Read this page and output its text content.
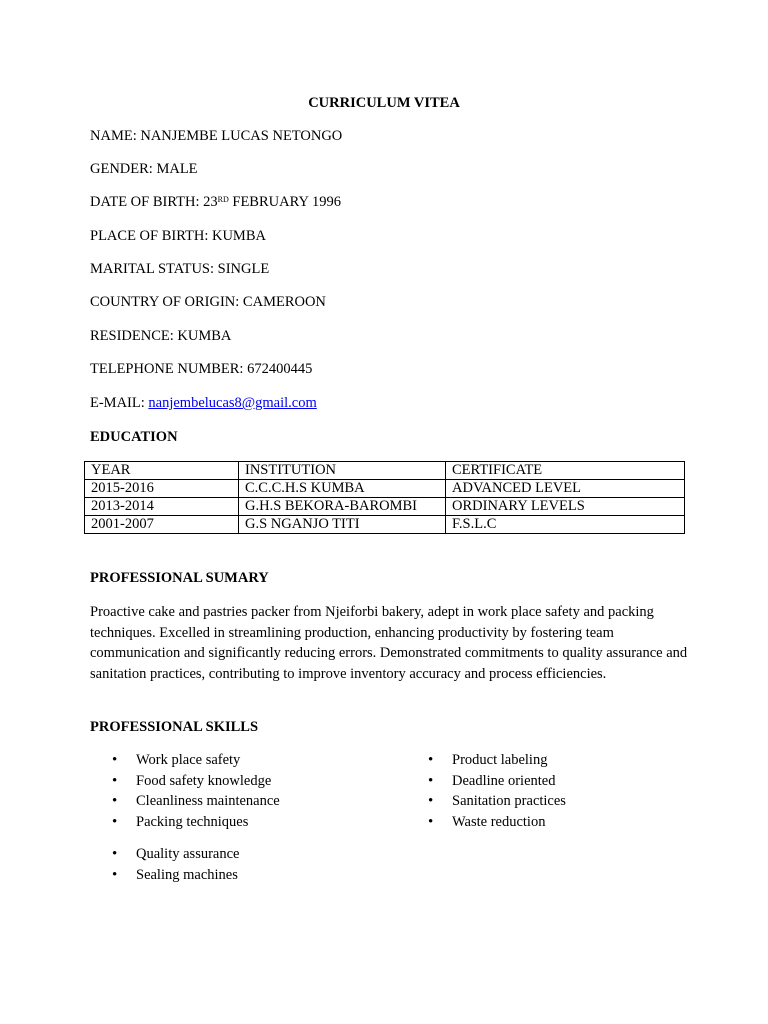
CURRICULUM VITEA
NAME: NANJEMBE LUCAS NETONGO
GENDER: MALE
DATE OF BIRTH: 23RD FEBRUARY 1996
PLACE OF BIRTH: KUMBA
MARITAL STATUS: SINGLE
COUNTRY OF ORIGIN: CAMEROON
RESIDENCE: KUMBA
TELEPHONE NUMBER: 672400445
E-MAIL: nanjembelucas8@gmail.com
EDUCATION
YEAR	INSTITUTION	CERTIFICATE
2015-2016	C.C.C.H.S KUMBA	ADVANCED LEVEL
2013-2014	G.H.S BEKORA-BAROMBI	ORDINARY LEVELS
2001-2007	G.S NGANJO TITI	F.S.L.C
PROFESSIONAL SUMARY

Proactive cake and pastries packer from Njeiforbi bakery, adept in work place safety and packing techniques. Excelled in streamlining production, enhancing productivity by fostering team communication and significantly reducing errors. Demonstrated commitments to quality assurance and sanitation practices, contributing to improve inventory accuracy and process efficiencies.

PROFESSIONAL SKILLS
• Work place safety
• Food safety knowledge
• Cleanliness maintenance
• Packing techniques
• Product labeling
• Deadline oriented
• Sanitation practices
• Waste reduction
• Quality assurance
• Sealing machines
